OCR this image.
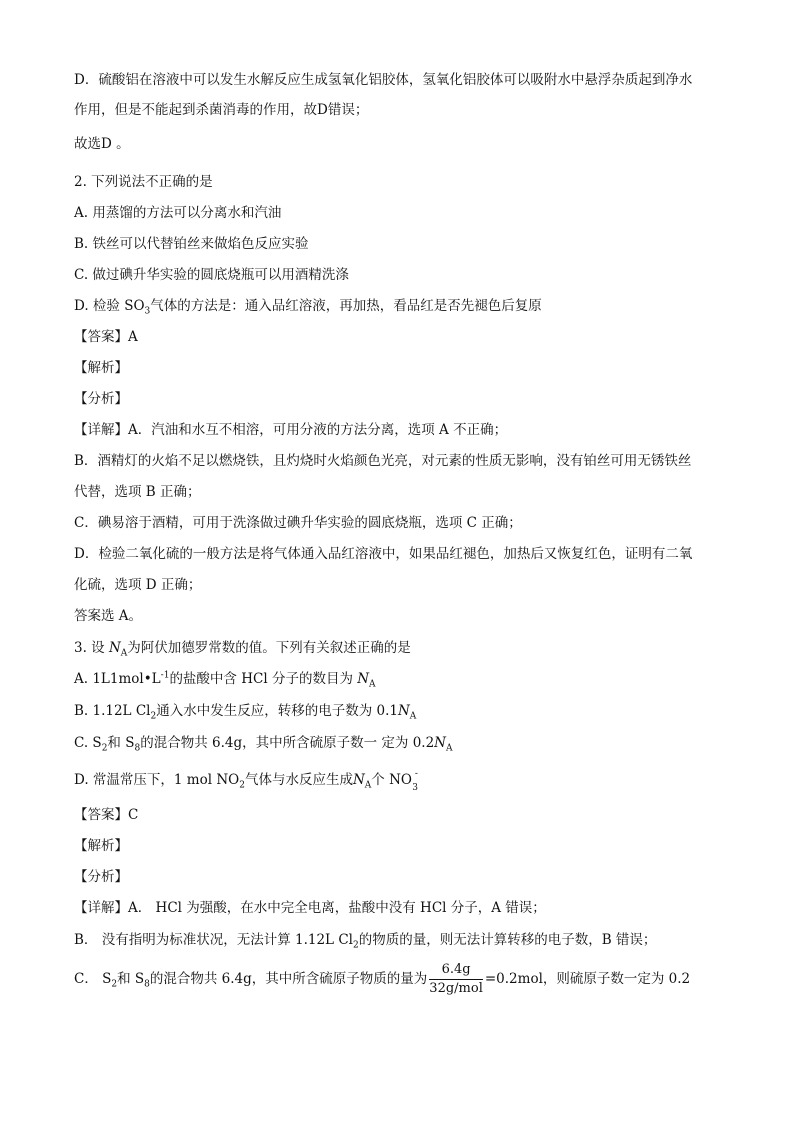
D．硫酸铝在溶液中可以发生水解反应生成氢氧化铝胶体，氢氧化铝胶体可以吸附水中悬浮杂质起到净水
作用，但是不能起到杀菌消毒的作用，故D错误；
故选D 。
2. 下列说法不正确的是
A. 用蒸馏的方法可以分离水和汽油
B. 铁丝可以代替铂丝来做焰色反应实验
C. 做过碘升华实验的圆底烧瓶可以用酒精洗涤
D. 检验 $SO_3$气体的方法是：通入品红溶液，再加热，看品红是否先褪色后复原
【答案】A
【解析】
【分析】
【详解】A．汽油和水互不相溶，可用分液的方法分离，选项 A 不正确；
B．酒精灯的火焰不足以燃烧铁，且灼烧时火焰颜色光亮，对元素的性质无影响，没有铂丝可用无锈铁丝
代替，选项 B 正确；
C．碘易溶于酒精，可用于洗涤做过碘升华实验的圆底烧瓶，选项 C 正确；
D．检验二氧化硫的一般方法是将气体通入品红溶液中，如果品红褪色，加热后又恢复红色，证明有二氧
化硫，选项 D 正确；
答案选 A。
3. 设 $N_A$为阿伏加德罗常数的值。下列有关叙述正确的是
A. $1L1mol•L^{-1}$的盐酸中含 HCl 分子的数目为 $N_A$
B. 1.12L $Cl_2$通入水中发生反应，转移的电子数为 $0.1N_A$
C. $S_2$和 $S_8$的混合物共 6.4g，其中所含硫原子数一 定为 $0.2N_A$
D. 常温常压下，1 mol $NO_2$气体与水反应生成$N_A$个 NO -
3
【答案】C
【解析】
【分析】
【详解】A． HCl 为强酸，在水中完全电离，盐酸中没有 HCl 分子，A 错误；
B． 没有指明为标准状况，无法计算 1.12L $Cl_2$的物质的量，则无法计算转移的电子数，B 错误；
C． $S_2$和 $S_8$的混合物共 6.4g，其中所含硫原子物质的量为 $\frac{6.4g}{\text{32g/mol}} =0.2mol$，则硫原子数一定为 0.2
